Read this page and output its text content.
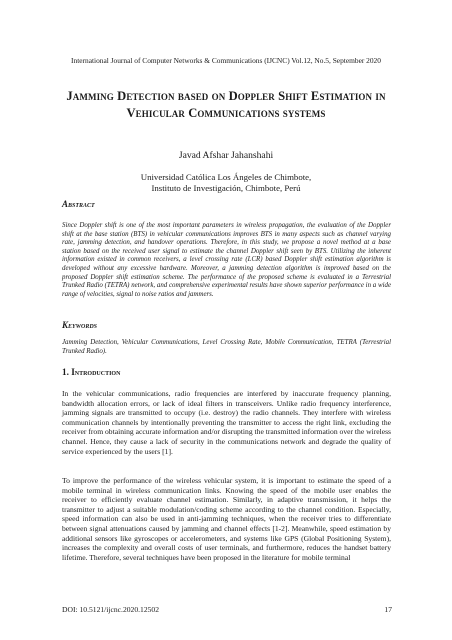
International Journal of Computer Networks & Communications (IJCNC) Vol.12, No.5, September 2020
Jamming Detection based on Doppler Shift Estimation in Vehicular Communications systems
Javad Afshar Jahanshahi
Universidad Católica Los Ángeles de Chimbote,
Instituto de Investigación, Chimbote, Perú
Abstract
Since Doppler shift is one of the most important parameters in wireless propagation, the evaluation of the Doppler shift at the base station (BTS) in vehicular communications improves BTS in many aspects such as channel varying rate, jamming detection, and handover operations. Therefore, in this study, we propose a novel method at a base station based on the received user signal to estimate the channel Doppler shift seen by BTS. Utilizing the inherent information existed in common receivers, a level crossing rate (LCR) based Doppler shift estimation algorithm is developed without any excessive hardware. Moreover, a jamming detection algorithm is improved based on the proposed Doppler shift estimation scheme. The performance of the proposed scheme is evaluated in a Terrestrial Trunked Radio (TETRA) network, and comprehensive experimental results have shown superior performance in a wide range of velocities, signal to noise ratios and jammers.
Keywords
Jamming Detection, Vehicular Communications, Level Crossing Rate, Mobile Communication, TETRA (Terrestrial Trunked Radio).
1. Introduction
In the vehicular communications, radio frequencies are interfered by inaccurate frequency planning, bandwidth allocation errors, or lack of ideal filters in transceivers. Unlike radio frequency interference, jamming signals are transmitted to occupy (i.e. destroy) the radio channels. They interfere with wireless communication channels by intentionally preventing the transmitter to access the right link, excluding the receiver from obtaining accurate information and/or disrupting the transmitted information over the wireless channel. Hence, they cause a lack of security in the communications network and degrade the quality of service experienced by the users [1].
To improve the performance of the wireless vehicular system, it is important to estimate the speed of a mobile terminal in wireless communication links. Knowing the speed of the mobile user enables the receiver to efficiently evaluate channel estimation. Similarly, in adaptive transmission, it helps the transmitter to adjust a suitable modulation/coding scheme according to the channel condition. Especially, speed information can also be used in anti-jamming techniques, when the receiver tries to differentiate between signal attenuations caused by jamming and channel effects [1-2]. Meanwhile, speed estimation by additional sensors like gyroscopes or accelerometers, and systems like GPS (Global Positioning System), increases the complexity and overall costs of user terminals, and furthermore, reduces the handset battery lifetime. Therefore, several techniques have been proposed in the literature for mobile terminal
DOI: 10.5121/ijcnc.2020.12502	17
